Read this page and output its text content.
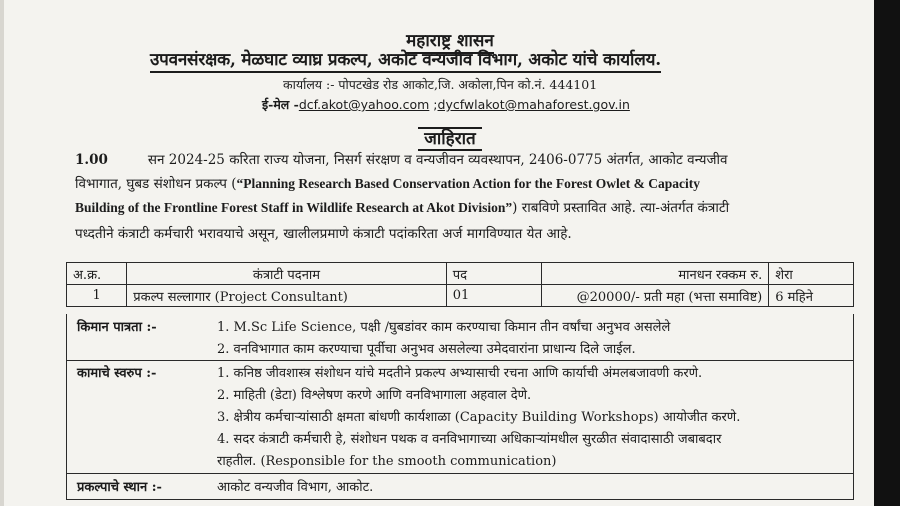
महाराष्ट्र शासन
उपवनसंरक्षक, मेळघाट व्याघ्र प्रकल्प, अकोट वन्यजीव विभाग, अकोट यांचे कार्यालय.
कार्यालय :- पोपटखेड रोड आकोट,जि. अकोला,पिन को.नं. 444101
ई-मेल -dcf.akot@yahoo.com ;dycfwlakot@mahaforest.gov.in
जाहिरात
1.00	सन 2024-25 करिता राज्य योजना, निसर्ग संरक्षण व वन्यजीवन व्यवस्थापन, 2406-0775 अंतर्गत, आकोट वन्यजीव
विभागात, घुबड संशोधन प्रकल्प (“Planning Research Based Conservation Action for the Forest Owlet & Capacity
Building of the Frontline Forest Staff in Wildlife Research at Akot Division”) राबविणे प्रस्तावित आहे. त्या-अंतर्गत कंत्राटी
पध्दतीने कंत्राटी कर्मचारी भरावयाचे असून, खालीलप्रमाणे कंत्राटी पदांकरिता अर्ज मागविण्यात येत आहे.
अ.क्र.	कंत्राटी पदनाम	पद	मानधन रक्कम रु.	शेरा
1	प्रकल्प सल्लागार (Project Consultant)	01	@20000/- प्रती महा (भत्ता समाविष्ट)	6 महिने
किमान पात्रता :-	1. M.Sc Life Science, पक्षी /घुबडांवर काम करण्याचा किमान तीन वर्षांचा अनुभव असलेले
2. वनविभागात काम करण्याचा पूर्वीचा अनुभव असलेल्या उमेदवारांना प्राधान्य दिले जाईल.
कामाचे स्वरुप :-	1. कनिष्ठ जीवशास्त्र संशोधन यांचे मदतीने प्रकल्प अभ्यासाची रचना आणि कार्याची अंमलबजावणी करणे.
2. माहिती (डेटा) विश्लेषण करणे आणि वनविभागाला अहवाल देणे.
3. क्षेत्रीय कर्मचाऱ्यांसाठी क्षमता बांधणी कार्यशाळा (Capacity Building Workshops) आयोजीत करणे.
4. सदर कंत्राटी कर्मचारी हे, संशोधन पथक व वनविभागाच्या अधिकाऱ्यांमधील सुरळीत संवादासाठी जबाबदार
राहतील. (Responsible for the smooth communication)
प्रकल्पाचे स्थान :-	आकोट वन्यजीव विभाग, आकोट.
